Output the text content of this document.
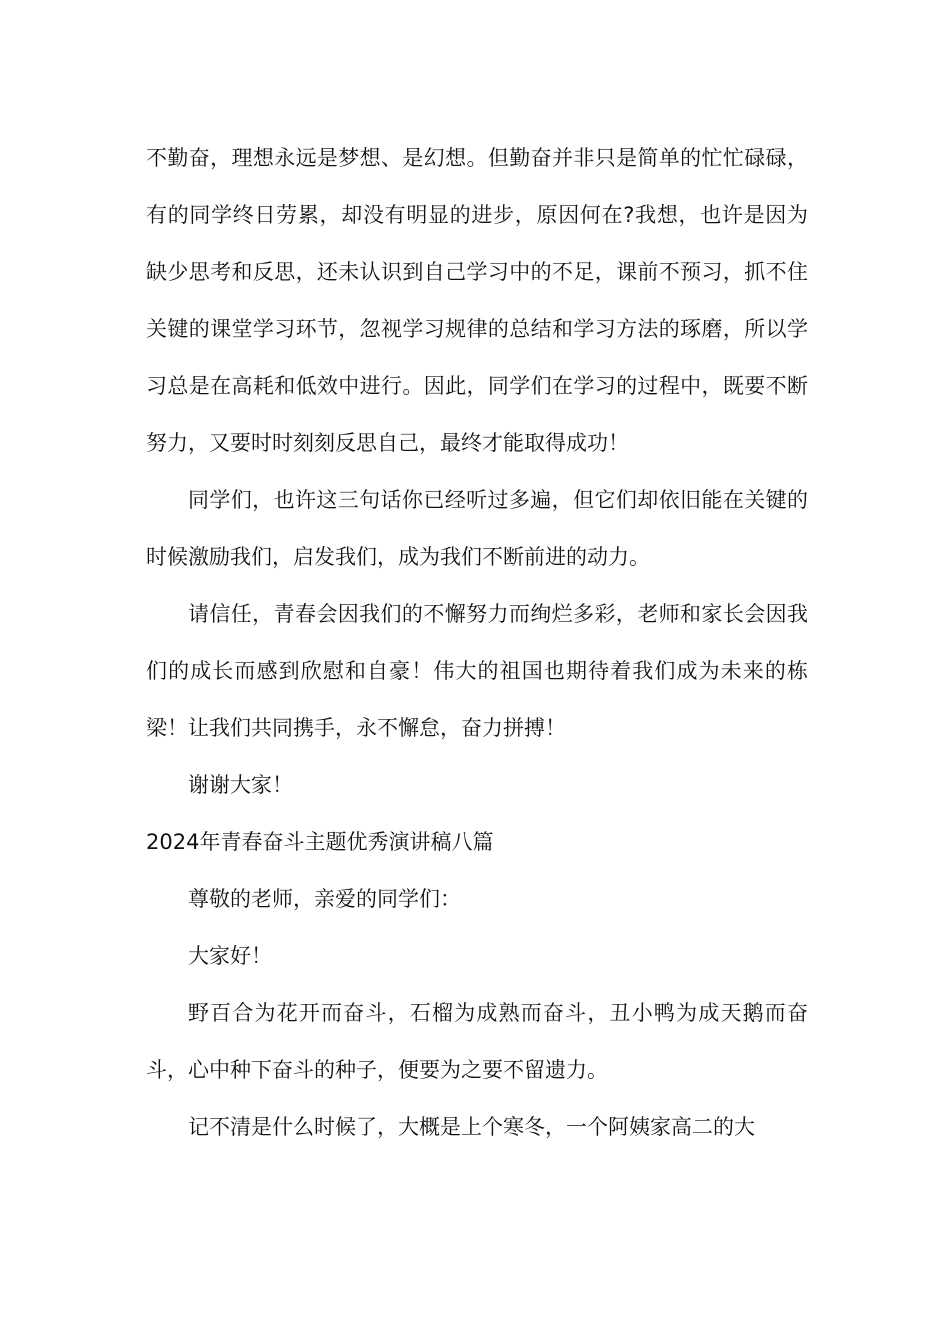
不勤奋，理想永远是梦想、是幻想。但勤奋并非只是简单的忙忙碌碌，有的同学终日劳累，却没有明显的进步，原因何在?我想，也许是因为缺少思考和反思，还未认识到自己学习中的不足，课前不预习，抓不住关键的课堂学习环节，忽视学习规律的总结和学习方法的琢磨，所以学习总是在高耗和低效中进行。因此，同学们在学习的过程中，既要不断努力，又要时时刻刻反思自己，最终才能取得成功！

同学们，也许这三句话你已经听过多遍，但它们却依旧能在关键的时候激励我们，启发我们，成为我们不断前进的动力。

请信任，青春会因我们的不懈努力而绚烂多彩，老师和家长会因我们的成长而感到欣慰和自豪！伟大的祖国也期待着我们成为未来的栋梁！让我们共同携手，永不懈怠，奋力拼搏！

谢谢大家！

2024年青春奋斗主题优秀演讲稿八篇

尊敬的老师，亲爱的同学们：

大家好！

野百合为花开而奋斗，石榴为成熟而奋斗，丑小鸭为成天鹅而奋斗，心中种下奋斗的种子，便要为之要不留遗力。

记不清是什么时候了，大概是上个寒冬，一个阿姨家高二的大
